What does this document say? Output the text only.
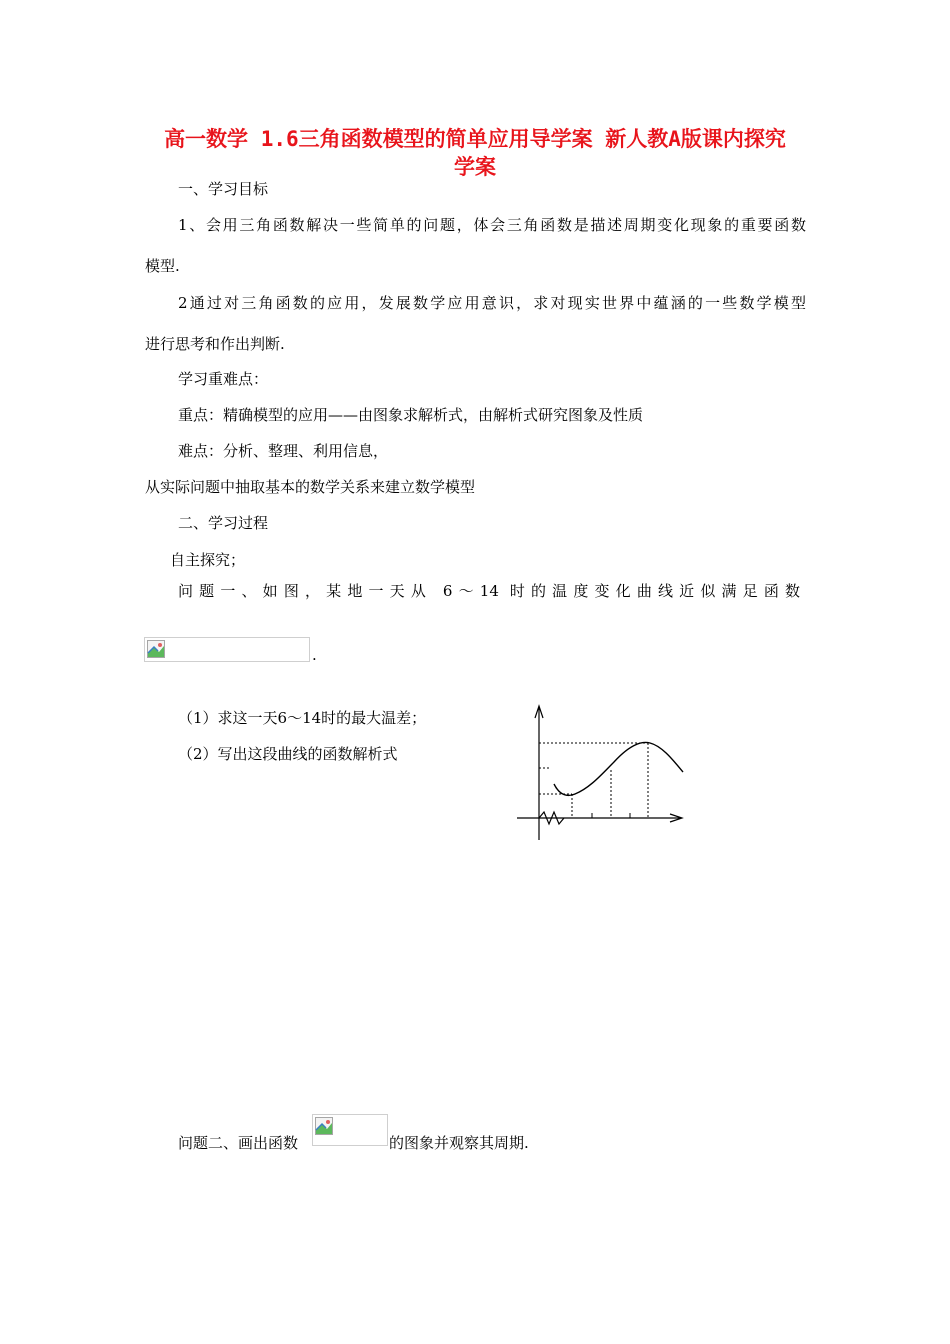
高一数学 1.6三角函数模型的简单应用导学案 新人教A版课内探究
学案
一、学习目标
1、会用三角函数解决一些简单的问题，体会三角函数是描述周期变化现象的重要函数
模型.
2通过对三角函数的应用，发展数学应用意识，求对现实世界中蕴涵的一些数学模型
进行思考和作出判断.
学习重难点：
重点：精确模型的应用——由图象求解析式，由解析式研究图象及性质
难点：分析、整理、利用信息，
从实际问题中抽取基本的数学关系来建立数学模型
二、学习过程
自主探究；
问题一、如图，某地一天从 6～14 时的温度变化曲线近似满足函数
.
（1）求这一天6～14时的最大温差；
（2）写出这段曲线的函数解析式
问题二、画出函数	的图象并观察其周期.
